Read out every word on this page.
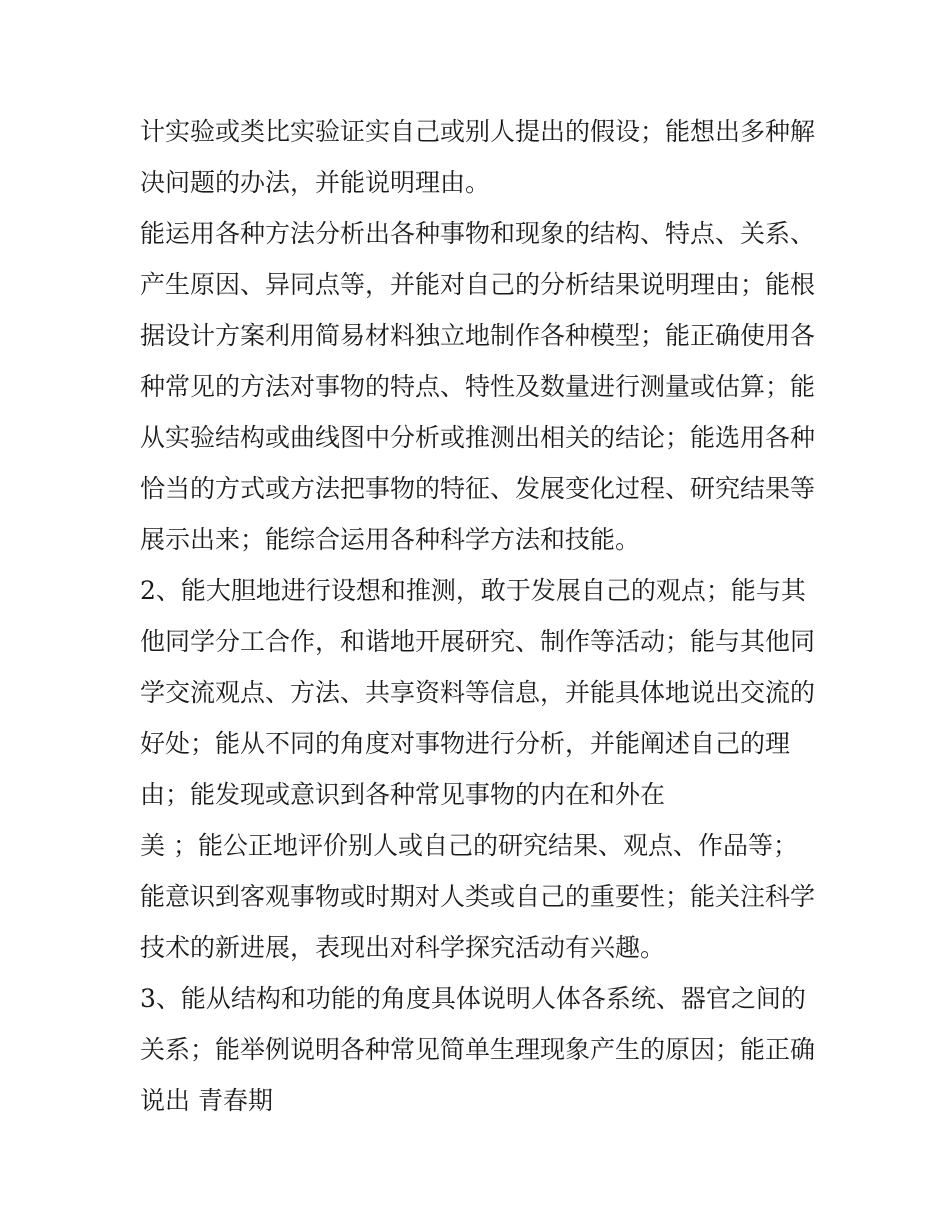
计实验或类比实验证实自己或别人提出的假设；能想出多种解
决问题的办法，并能说明理由。
能运用各种方法分析出各种事物和现象的结构、特点、关系、
产生原因、异同点等，并能对自己的分析结果说明理由；能根
据设计方案利用简易材料独立地制作各种模型；能正确使用各
种常见的方法对事物的特点、特性及数量进行测量或估算；能
从实验结构或曲线图中分析或推测出相关的结论；能选用各种
恰当的方式或方法把事物的特征、发展变化过程、研究结果等
展示出来；能综合运用各种科学方法和技能。
2、能大胆地进行设想和推测，敢于发展自己的观点；能与其
他同学分工合作，和谐地开展研究、制作等活动；能与其他同
学交流观点、方法、共享资料等信息，并能具体地说出交流的
好处；能从不同的角度对事物进行分析，并能阐述自己的理
由；能发现或意识到各种常见事物的内在和外在
美 ；能公正地评价别人或自己的研究结果、观点、作品等；
能意识到客观事物或时期对人类或自己的重要性；能关注科学
技术的新进展，表现出对科学探究活动有兴趣。
3、能从结构和功能的角度具体说明人体各系统、器官之间的
关系；能举例说明各种常见简单生理现象产生的原因；能正确
说出 青春期
